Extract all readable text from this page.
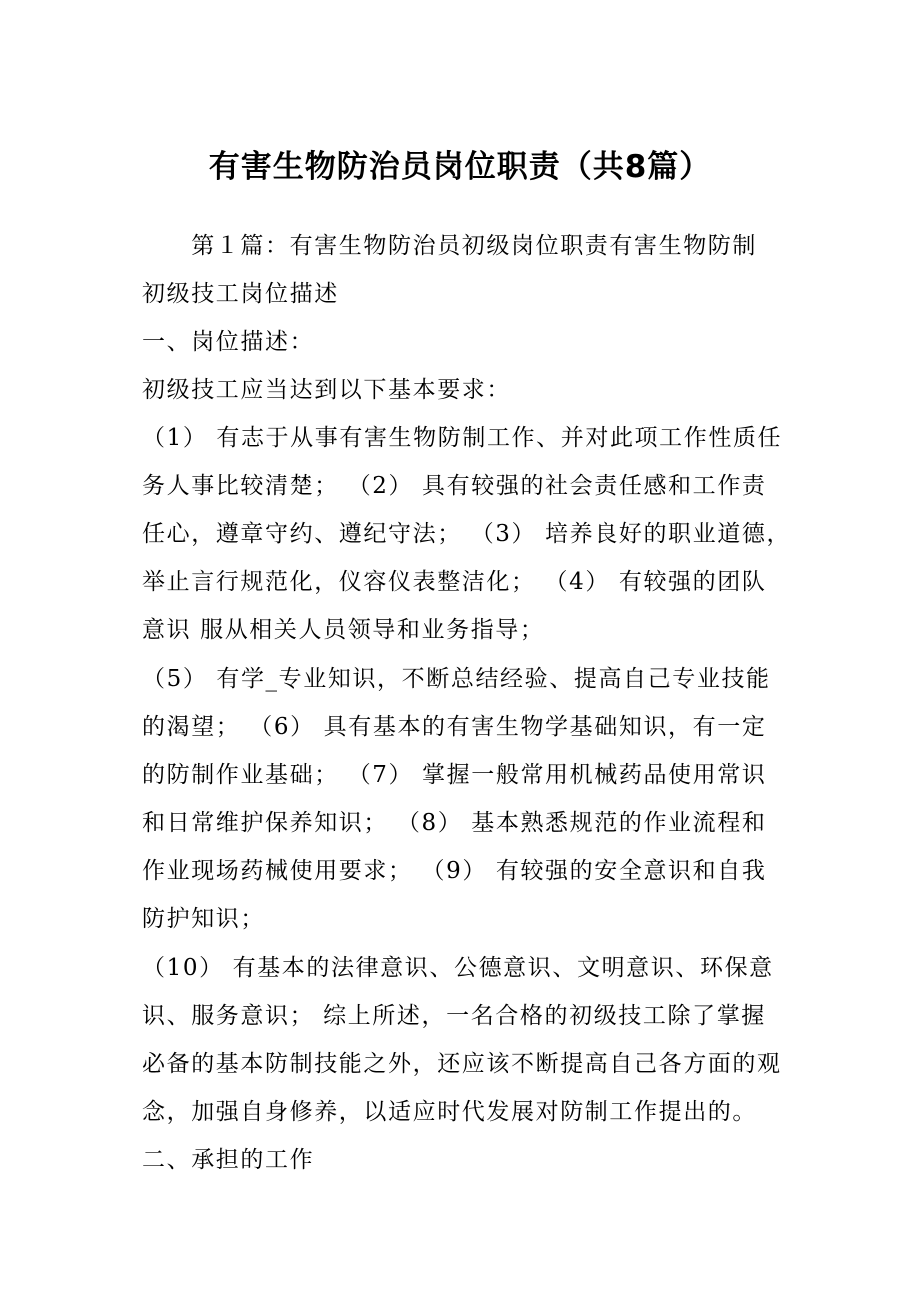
有害生物防治员岗位职责（共8篇）

　　第１篇：有害生物防治员初级岗位职责有害生物防制

初级技工岗位描述

一、岗位描述：

初级技工应当达到以下基本要求：

（1） 有志于从事有害生物防制工作、并对此项工作性质任

务人事比较清楚； （2） 具有较强的社会责任感和工作责

任心，遵章守约、遵纪守法； （3） 培养良好的职业道德，

举止言行规范化，仪容仪表整洁化； （4） 有较强的团队

意识 服从相关人员领导和业务指导；

（5） 有学_专业知识，不断总结经验、提高自己专业技能

的渴望； （6） 具有基本的有害生物学基础知识，有一定

的防制作业基础； （7） 掌握一般常用机械药品使用常识

和日常维护保养知识； （8） 基本熟悉规范的作业流程和

作业现场药械使用要求； （9） 有较强的安全意识和自我

防护知识；

（10） 有基本的法律意识、公德意识、文明意识、环保意

识、服务意识； 综上所述，一名合格的初级技工除了掌握

必备的基本防制技能之外，还应该不断提高自己各方面的观

念，加强自身修养，以适应时代发展对防制工作提出的。

二、承担的工作
